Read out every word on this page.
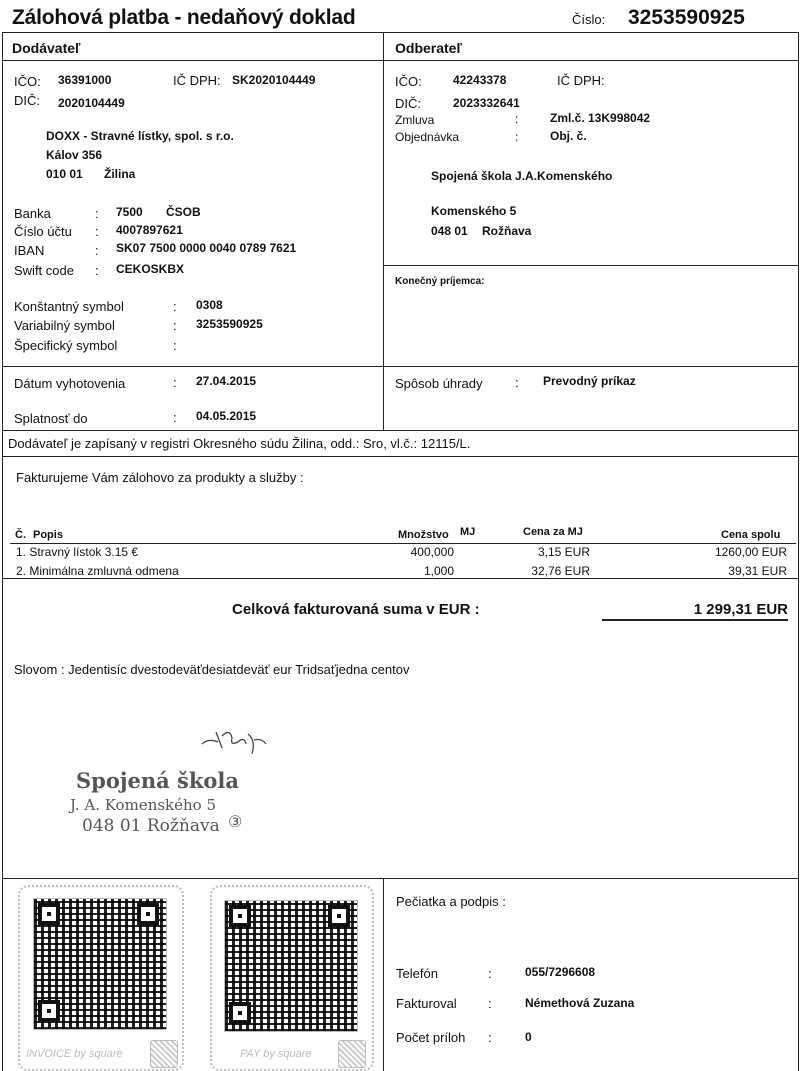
Zálohová platba - nedaňový doklad	Číslo: 3253590925
Dodávateľ
IČO: 36391000	IČ DPH: SK2020104449
DIČ: 2020104449
DOXX - Stravné lístky, spol. s r.o.
Kálov 356
010 01 Žilina
Banka	: 7500 ČSOB
Číslo účtu : 4007897621
IBAN	: SK07 7500 0000 0040 0789 7621
Swift code : CEKOSKBX
Konštantný symbol	: 0308
Variabilný symbol	: 3253590925
Špecifický symbol	:
Odberateľ
IČO:	42243378	IČ DPH:
DIČ:	2023332641
Zmluva	:	Zml.č. 13K998042
Objednávka	:	Obj. č.
Spojená škola J.A.Komenského
Komenského 5
048 01 Rožňava
Konečný príjemca:
Dátum vyhotovenia	: 27.04.2015
Splatnosť do	: 04.05.2015
Spôsob úhrady	: Prevodný príkaz
Dodávateľ je zapísaný v registri Okresného súdu Žilina, odd.: Sro, vl.č.: 12115/L.
Fakturujeme Vám zálohovo za produkty a služby :
Č. Popis	Množstvo MJ	Cena za MJ	Cena spolu
1. Stravný lístok 3.15 €	400,000	3,15 EUR	1260,00 EUR
2. Minimálna zmluvná odmena	1,000	32,76 EUR	39,31 EUR
Celková fakturovaná suma v EUR :	1 299,31 EUR
Slovom : Jedentisíc dvestodeväťdesiatdeväť eur Tridsaťjedna centov
Spojená škola
J. A. Komenského 5
048 01 Rožňava ③
INVOICE by square	PAY by square
Pečiatka a podpis :
Telefón	:	055/7296608
Fakturoval :	Némethová Zuzana
Počet príloh :	0
